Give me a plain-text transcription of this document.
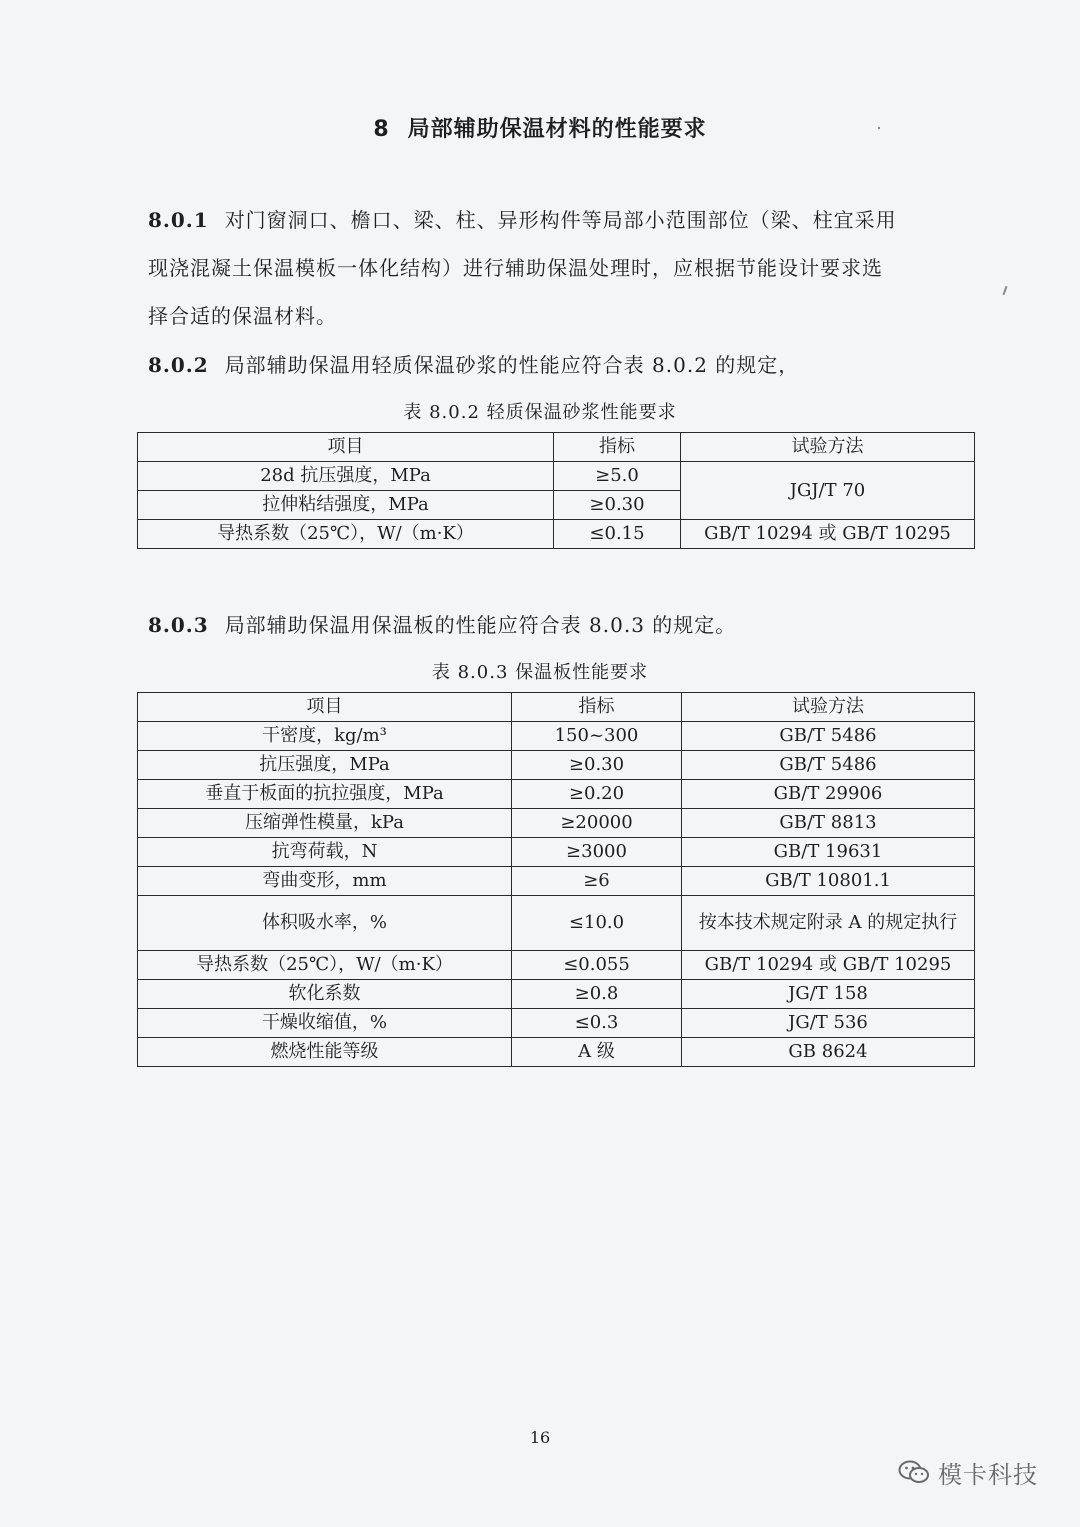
8 局部辅助保温材料的性能要求
8.0.1 对门窗洞口、檐口、梁、柱、异形构件等局部小范围部位（梁、柱宜采用
现浇混凝土保温模板一体化结构）进行辅助保温处理时，应根据节能设计要求选
择合适的保温材料。
8.0.2 局部辅助保温用轻质保温砂浆的性能应符合表 8.0.2 的规定，
表 8.0.2 轻质保温砂浆性能要求
项目	指标	试验方法
28d 抗压强度，MPa	≥5.0	JGJ/T 70
拉伸粘结强度，MPa	≥0.30	
导热系数（25℃），W/（m·K）	≤0.15	GB/T 10294 或 GB/T 10295
8.0.3 局部辅助保温用保温板的性能应符合表 8.0.3 的规定。
表 8.0.3 保温板性能要求
项目	指标	试验方法
干密度，kg/m³	150~300	GB/T 5486
抗压强度，MPa	≥0.30	GB/T 5486
垂直于板面的抗拉强度，MPa	≥0.20	GB/T 29906
压缩弹性模量，kPa	≥20000	GB/T 8813
抗弯荷载，N	≥3000	GB/T 19631
弯曲变形，mm	≥6	GB/T 10801.1
体积吸水率，%	≤10.0	按本技术规定附录 A 的规定执行
导热系数（25℃），W/（m·K）	≤0.055	GB/T 10294 或 GB/T 10295
软化系数	≥0.8	JG/T 158
干燥收缩值，%	≤0.3	JG/T 536
燃烧性能等级	A 级	GB 8624
16
模卡科技
